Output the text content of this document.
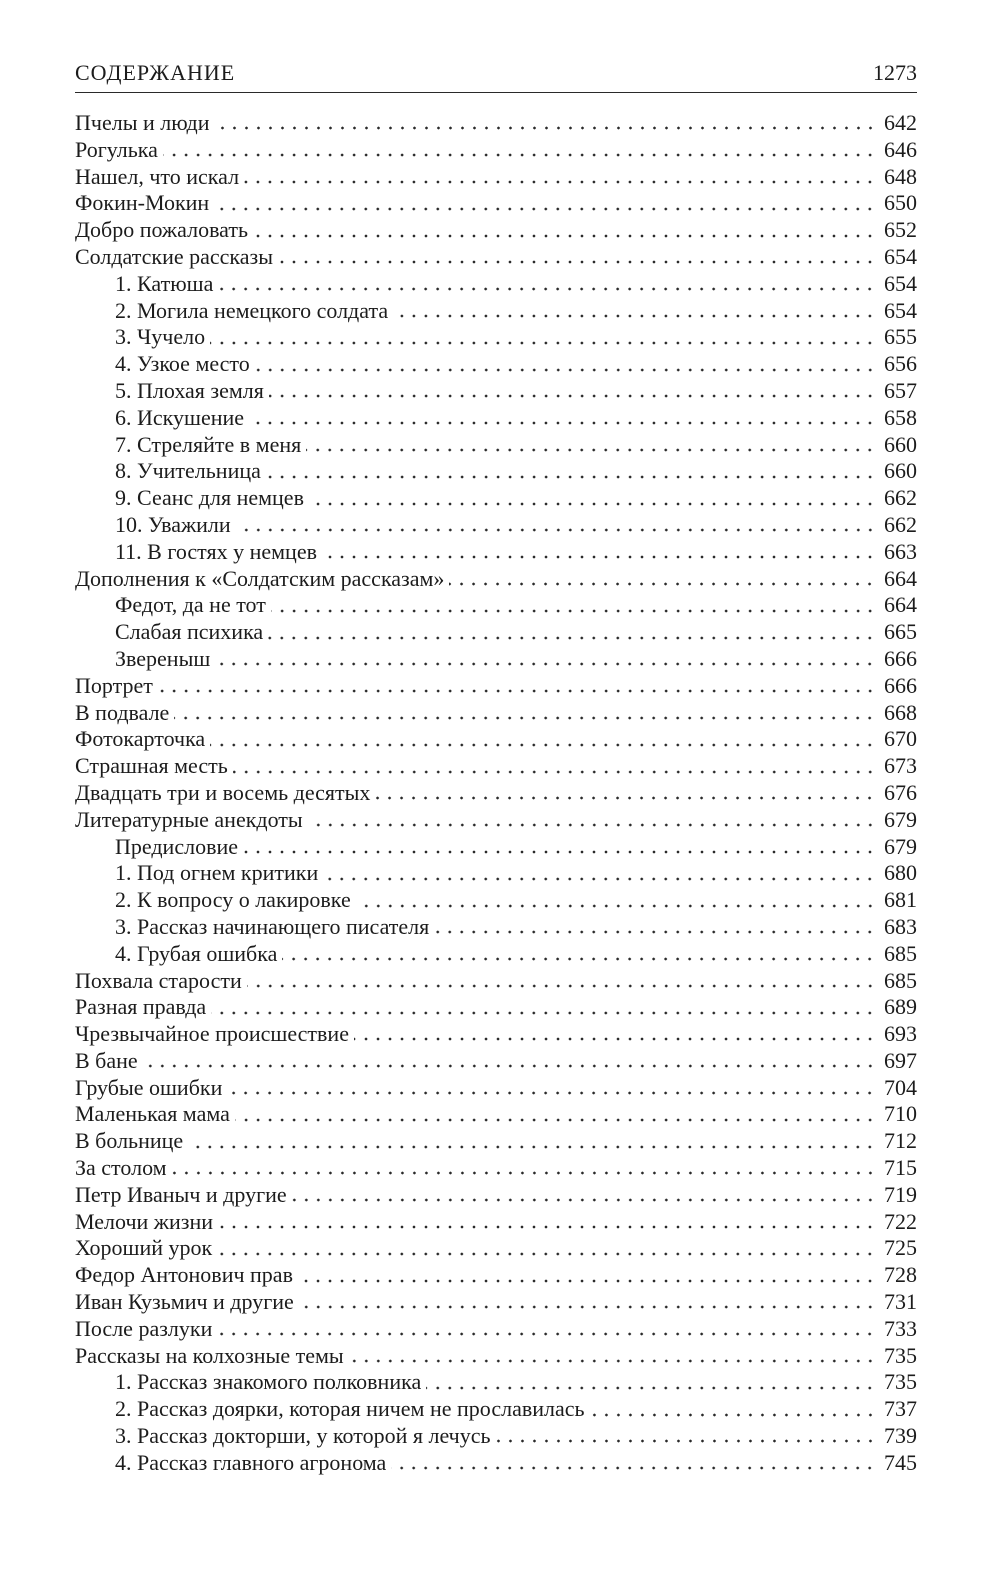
СОДЕРЖАНИЕ	1273
Пчелы и люди	642
Рогулька	646
Нашел, что искал	648
Фокин-Мокин	650
Добро пожаловать	652
Солдатские рассказы	654
1. Катюша	654
2. Могила немецкого солдата	654
3. Чучело	655
4. Узкое место	656
5. Плохая земля	657
6. Искушение	658
7. Стреляйте в меня	660
8. Учительница	660
9. Сеанс для немцев	662
10. Уважили	662
11. В гостях у немцев	663
Дополнения к «Солдатским рассказам»	664
Федот, да не тот	664
Слабая психика	665
Звереныш	666
Портрет	666
В подвале	668
Фотокарточка	670
Страшная месть	673
Двадцать три и восемь десятых	676
Литературные анекдоты	679
Предисловие	679
1. Под огнем критики	680
2. К вопросу о лакировке	681
3. Рассказ начинающего писателя	683
4. Грубая ошибка	685
Похвала старости	685
Разная правда	689
Чрезвычайное происшествие	693
В бане	697
Грубые ошибки	704
Маленькая мама	710
В больнице	712
За столом	715
Петр Иваныч и другие	719
Мелочи жизни	722
Хороший урок	725
Федор Антонович прав	728
Иван Кузьмич и другие	731
После разлуки	733
Рассказы на колхозные темы	735
1. Рассказ знакомого полковника	735
2. Рассказ доярки, которая ничем не прославилась	737
3. Рассказ докторши, у которой я лечусь	739
4. Рассказ главного агронома	745
